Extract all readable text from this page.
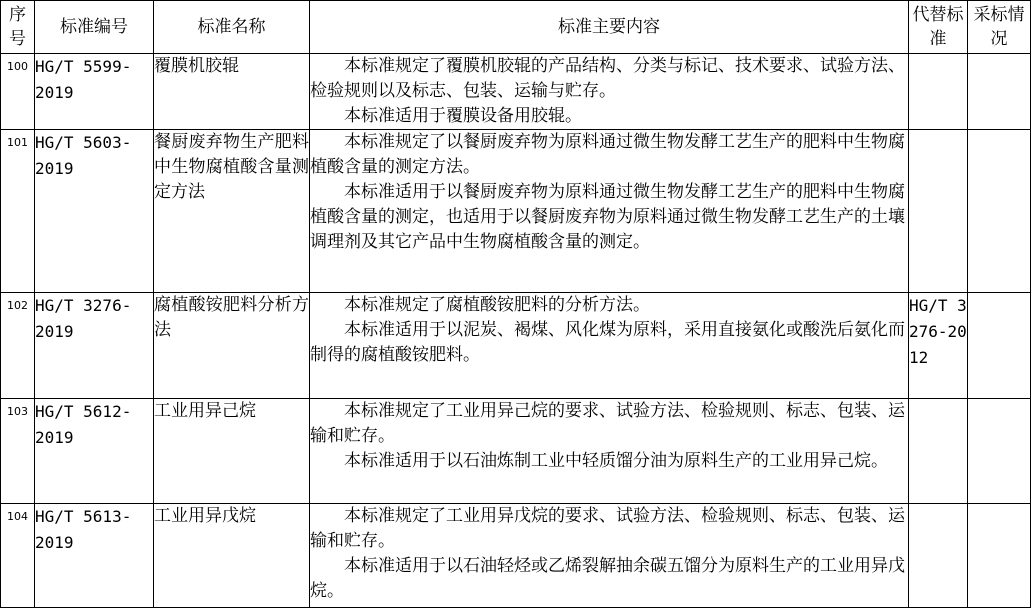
序号	标准编号	标准名称	标准主要内容	代替标准	采标情况
100	HG/T 5599-2019	覆膜机胶辊	本标准规定了覆膜机胶辊的产品结构、分类与标记、技术要求、试验方法、检验规则以及标志、包装、运输与贮存。

本标准适用于覆膜设备用胶辊。		

101	HG/T 5603-2019	餐厨废弃物生产肥料中生物腐植酸含量测定方法	本标准规定了以餐厨废弃物为原料通过微生物发酵工艺生产的肥料中生物腐植酸含量的测定方法。

本标准适用于以餐厨废弃物为原料通过微生物发酵工艺生产的肥料中生物腐植酸含量的测定，也适用于以餐厨废弃物为原料通过微生物发酵工艺生产的土壤调理剂及其它产品中生物腐植酸含量的测定。		

102	HG/T 3276-2019	腐植酸铵肥料分析方法	本标准规定了腐植酸铵肥料的分析方法。

本标准适用于以泥炭、褐煤、风化煤为原料，采用直接氨化或酸洗后氨化而制得的腐植酸铵肥料。	HG/T 3276-2012	
103	HG/T 5612-2019	工业用异己烷	本标准规定了工业用异己烷的要求、试验方法、检验规则、标志、包装、运输和贮存。

本标准适用于以石油炼制工业中轻质馏分油为原料生产的工业用异己烷。		

104	HG/T 5613-2019	工业用异戊烷	本标准规定了工业用异戊烷的要求、试验方法、检验规则、标志、包装、运输和贮存。

本标准适用于以石油轻烃或乙烯裂解抽余碳五馏分为原料生产的工业用异戊烷。		
